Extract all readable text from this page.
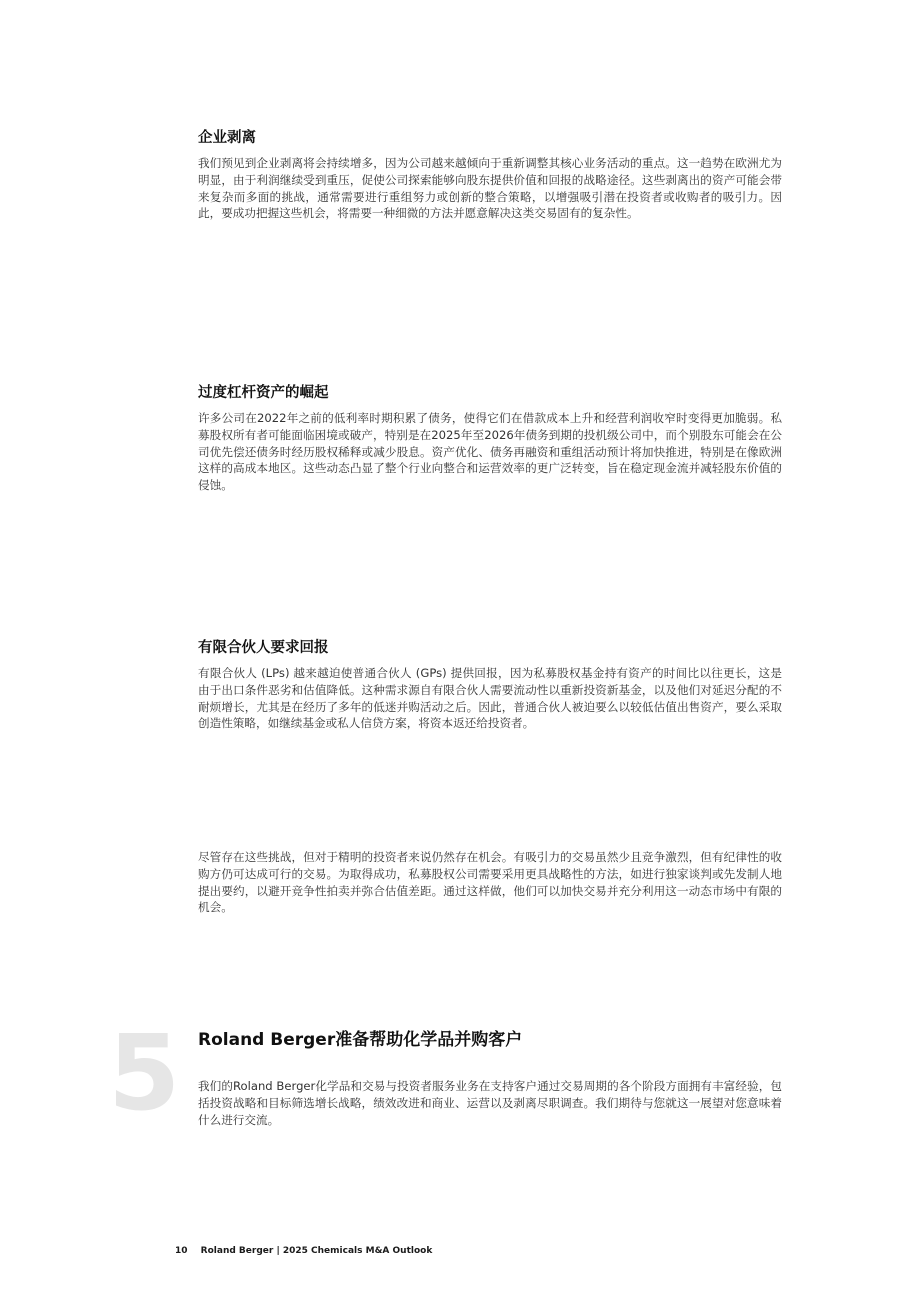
企业剥离

我们预见到企业剥离将会持续增多，因为公司越来越倾向于重新调整其核心业务活动的重点。这一趋势在欧洲尤为明显，由于利润继续受到重压，促使公司探索能够向股东提供价值和回报的战略途径。这些剥离出的资产可能会带来复杂而多面的挑战，通常需要进行重组努力或创新的整合策略，以增强吸引潜在投资者或收购者的吸引力。因此，要成功把握这些机会，将需要一种细微的方法并愿意解决这类交易固有的复杂性。

过度杠杆资产的崛起

许多公司在2022年之前的低利率时期积累了债务，使得它们在借款成本上升和经营利润收窄时变得更加脆弱。私募股权所有者可能面临困境或破产，特别是在2025年至2026年债务到期的投机级公司中，而个别股东可能会在公司优先偿还债务时经历股权稀释或减少股息。资产优化、债务再融资和重组活动预计将加快推进，特别是在像欧洲这样的高成本地区。这些动态凸显了整个行业向整合和运营效率的更广泛转变，旨在稳定现金流并减轻股东价值的侵蚀。

有限合伙人要求回报

有限合伙人 (LPs) 越来越迫使普通合伙人 (GPs) 提供回报，因为私募股权基金持有资产的时间比以往更长，这是由于出口条件恶劣和估值降低。这种需求源自有限合伙人需要流动性以重新投资新基金，以及他们对延迟分配的不耐烦增长，尤其是在经历了多年的低迷并购活动之后。因此，普通合伙人被迫要么以较低估值出售资产，要么采取创造性策略，如继续基金或私人信贷方案，将资本返还给投资者。

尽管存在这些挑战，但对于精明的投资者来说仍然存在机会。有吸引力的交易虽然少且竞争激烈，但有纪律性的收购方仍可达成可行的交易。为取得成功，私募股权公司需要采用更具战略性的方法，如进行独家谈判或先发制人地提出要约，以避开竞争性拍卖并弥合估值差距。通过这样做，他们可以加快交易并充分利用这一动态市场中有限的机会。

5 Roland Berger准备帮助化学品并购客户

我们的Roland Berger化学品和交易与投资者服务业务在支持客户通过交易周期的各个阶段方面拥有丰富经验，包括投资战略和目标筛选增长战略，绩效改进和商业、运营以及剥离尽职调查。我们期待与您就这一展望对您意味着什么进行交流。

10 Roland Berger | 2025 Chemicals M&A Outlook
